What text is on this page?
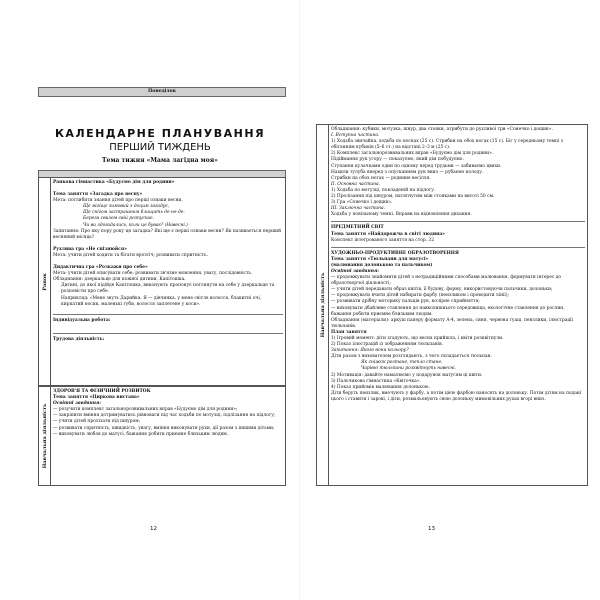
Понеділок
КАЛЕНДАРНЕ ПЛАНУВАННЯ
ПЕРШИЙ ТИЖДЕНЬ
Тема тижня «Мама лагідна моя»
Ранок

Ранкова гімнастика «Будуємо дім для родини»

Тема заняття «Загадка про весну»

Мета: поглибити знання дітей про перші ознаки весни.

Ще жгіщє зимовий з доцим загадує,

Ще снігом застрашним блищить де-не-де.

Береза свизом свій розпускає.

Чи ви здогадались, коли це буває? (Навесні.)

Запитання: Про яку пору року ця загадка? Які ще є перші ознаки весни? Як називається перший весняний місяць?

Рухлива гра «Не спізнюйся»

Мета: учити дітей ходити та бігати врозтіч; розвивати спритність.

Дидактична гра «Розкажи про себе»

Мета: учити дітей описувати себе; розвивати зв'язне мовлення, увагу, послідовність.

Обладнання: дзеркальце для кожної дитини, Капітошка.

Дитині, до якої підійде Капітошка, виконують пропонує поглянути на себе у дзеркальце та розповісти про себе.

Наприклад: «Мене звуть Дарийка. Я — дівчинка, у мене світле волосся, блакитні очі, кирпатий носик, маленькі губи, волосся заплетене у коси».

Індивідуальна робота:

Трудова діяльність:

Навчальна діяльність

ЗДОРОВ'Я ТА ФІЗИЧНИЙ РОЗВИТОК

Тема заняття «Циркова вистава»

Освітні завдання:

— розучити комплекс загальнорозвивальних вправ «Будуємо дім для родини»;

— закріпити вміння дотримуватись рівноваги під час ходьби по мотузці, підлізання на підлогу;

— учити дітей пролізати під шнуром;

— розвивати спритність, швидкість, увагу, вміння виконувати рухи, дії разом з іншими дітьми;

— виховувати любов до матусі, бажання робити приємне близьким людям.

12
Навчальна діяльність

Обладнання: кубики, мотузка, шнур, два стояки, атрибути до рухливої гри «Сонечко і дощик».

І. Вступна частина.

1) Ходьба звичайна, ходьба по носках (25 с). Стрибки на обох ногах (15 с). Біг у середньому темпі з обіганням кубиків (5–6 ст.) на відстані 2–3 м (25 с).

2) Комплекс загальнорозвивальних вправ «Будуємо дім для родини».

Підіймання рук угору — показуємо, який дім побудуємо.

Ступання кулачками один по одному перед грудьми — забиваємо цвяхи.

Нахили тулуба вперед з опусканням рук вниз — рубаємо колоду.

Стрибки на обох ногах — родинне весілля.

ІІ. Основна частина.

1) Ходьба по мотузці, покладеній на підлогу.

2) Пролізання під шнуром, натягнутим між стояками на висоті 50 см.

3) Гра «Сонечко і дощик».

ІІІ. Заключна частина.

Ходьба у повільному темпі. Вправи на відновлення дихання.

ПРЕДМЕТНИЙ СВІТ

Тема заняття «Найдорожча в світі людина»

Конспект інтегрованого заняття на стор. 32

ХУДОЖНЬО-ПРОДУКТИВНЕ ОБРАЗОТВОРЕННЯ

Тема заняття «Тюльпани для матусі»

(малювання долонькою та пальчиком)

Освітні завдання:

— продовжувати знайомити дітей з нетрадиційними способами малювання, формувати інтерес до образотворчої діяльності;

— учити дітей передавати образ квітів, її будову, форму, використовуючи пальчики, долоньки;

— продовжувати вчити дітей набирати фарбу (пензликом і проводити лінії);

— розвивати дрібну моторику пальців рук, колірне сприйняття;

— виховувати дбайливе ставлення до навколишнього середовища, екологічне ставлення до рослин, бажання робити приємне близьким людям.

Обладнання (матеріали): аркуш паперу формату А-4, зелена, синя, червона гуаш, пензлики, ілюстрації тюльпанів.

План заняття

1) Ігровий момент: діти згадують, що весна прийшла, і квіти розквітнули.

2) Показ ілюстрацій із зображенням тюльпанів.

Запитання: Якого вони кольору?

Діти разом з вихователем розглядають, з чого складається тюльпан.

Як сніжок розтане, тепло стане.

Чарівні тюльпани розквітнуть навесні.

2) Мотивація: давайте намалюємо у подарунок матусям ці квіти.

3) Пальчикова гімнастика «Квіточка».

4) Показ прийомів малювання долонькою.

Діти беруть пензлик, вмочують у фарбу, а потім цією фарбою наносять на долоньку. Потім дітям на подані цього і ставити і зарові, і діти, розмальовують свою долоньку мимовільних рухах вгорі вниз.

13
